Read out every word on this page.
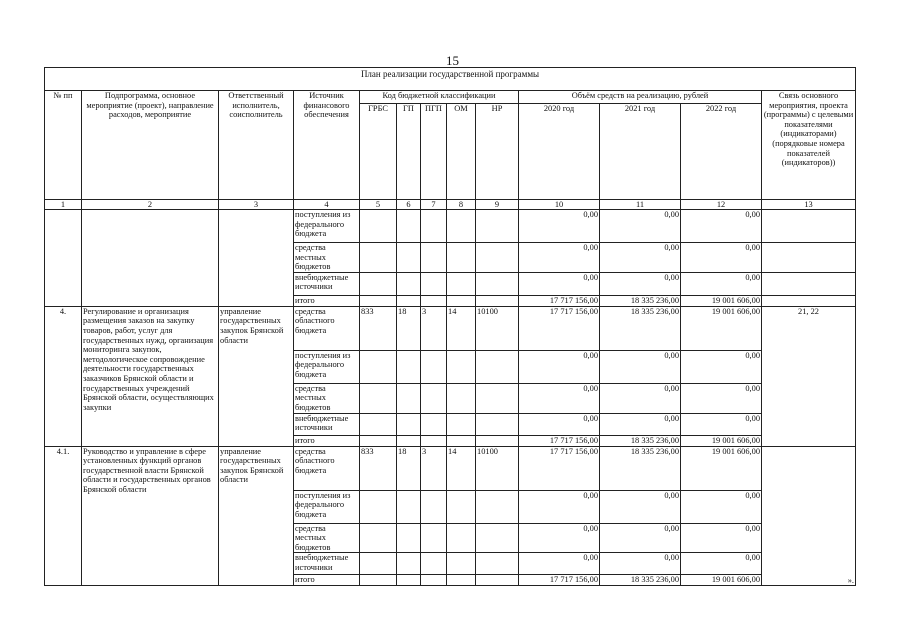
15
План реализации государственной программы												
№ пп	Подпрограмма, основное мероприятие (проект), направление расходов, мероприятие	Ответственный исполнитель, соисполнитель	Источник финансового обеспечения	Код бюджетной классификации					Объём средств на реализацию, рублей			Связь основного мероприятия, проекта (программы) с целевыми показателями (индикаторами) (порядковые номера показателей (индикаторов))
				ГРБС	ГП	ПГП	ОМ	НР	2020 год	2021 год	2022 год	
1	2	3	4	5	6	7	8	9	10	11	12	13
			поступления из федерального бюджета						0,00	0,00	0,00	
			средства местных бюджетов						0,00	0,00	0,00	
			внебюджетные источники						0,00	0,00	0,00	
			итого						17 717 156,00	18 335 236,00	19 001 606,00	
4.	Регулирование и организация размещения заказов на закупку товаров, работ, услуг для государственных нужд, организация мониторинга закупок, методологическое сопровождение деятельности государственных заказчиков Брянской области и государственных учреждений Брянской области, осуществляющих закупки	управление государственных закупок Брянской области	средства областного бюджета	833	18	3	14	10100	17 717 156,00	18 335 236,00	19 001 606,00	21, 22
			поступления из федерального бюджета						0,00	0,00	0,00	
			средства местных бюджетов						0,00	0,00	0,00	
			внебюджетные источники						0,00	0,00	0,00	
			итого						17 717 156,00	18 335 236,00	19 001 606,00	
4.1.	Руководство и управление в сфере установленных функций органов государственной власти Брянской области и государственных органов Брянской области	управление государственных закупок Брянской области	средства областного бюджета	833	18	3	14	10100	17 717 156,00	18 335 236,00	19 001 606,00	».
			поступления из федерального бюджета						0,00	0,00	0,00	
			средства местных бюджетов						0,00	0,00	0,00	
			внебюджетные источники						0,00	0,00	0,00	
			итого						17 717 156,00	18 335 236,00	19 001 606,00	
